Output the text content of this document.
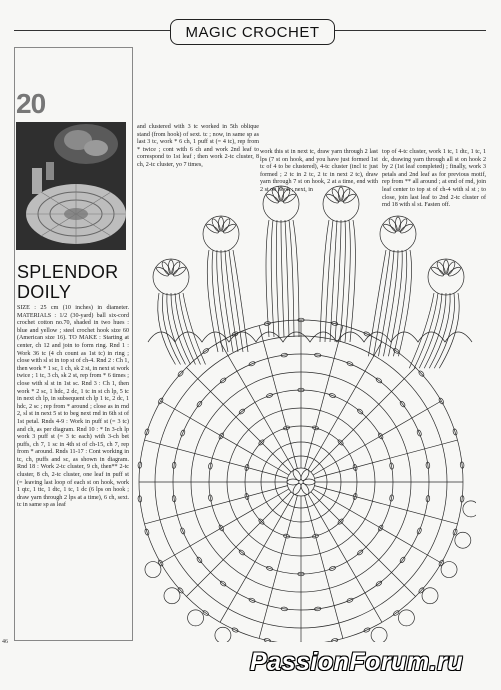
MAGIC CROCHET
20
SPLENDOR
DOILY
SIZE : 25 cm (10 inches) in diameter. MATERIALS : 1/2 (30-yard) ball six-cord crochet cotton no.70, shaded in two hues : blue and yellow ; steel crochet hook size 60 (American size 16). TO MAKE : Starting at center, ch 12 and join to form ring. Rnd 1 : Work 36 tc (4 ch count as 1st tc) in ring ; close with sl st in top st of ch-4. Rnd 2 : Ch 1, then work * 1 sc, 1 ch, sk 2 st, in next st work twice ; 1 tc, 3 ch, sk 2 st, rep from * 6 times ; close with sl st in 1st sc. Rnd 3 : Ch 1, then work * 2 sc, 1 hdc, 2 dc, 1 tc in st ch lp, 5 tc in next ch lp, in subsequent ch lp 1 tc, 2 dc, 1 hdc, 2 sc ; rep from * around ; close as in rnd 2, sl st in next 5 st to beg next rnd in 6th st of 1st petal. Rnds 4-9 : Work in puff st (= 3 tc) and ch, as per diagram. Rnd 10 : * In 3-ch lp work 3 puff st (= 3 tc each) with 3-ch bet puffs, ch 7, 1 sc in 4th st of ch-15, ch 7, rep from * around. Rnds 11-17 : Cont working in tc, ch, puffs and sc, as shown in diagram. Rnd 18 : Work 2-tc cluster, 9 ch, then** 2-tc cluster, 8 ch, 2-tc cluster, one leaf in puff st (= leaving last loop of each st on hook, work 1 qtc, 1 ttc, 1 dtc, 1 tc, 1 dc (6 lps on hook ; draw yarn through 2 lps at a time), 6 ch, sext. tc in same sp as leaf
and clustered with 3 tc worked in 5th oblique stand (from hook) of sext. tc ; now, in same sp as last 3 tc, work * 6 ch, 1 puff st (= 4 tc), rep from * twice ; cont with 6 ch and work 2nd leaf to correspond to 1st leaf ; then work 2-tc cluster, 8 ch, 2-tc cluster, yo 7 times,
work this st in next tc, draw yarn through 2 last lps (7 st on hook, and you have just formed 1st tc of 4 to be clustered), 4-tc cluster (incl tc just formed ; 2 tc in 2 tc, 2 tc in next 2 tc), draw yarn through 7 st on hook, 2 at a time, end with 2 st on hook ; next, in
top of 4-tc cluster, work 1 tc, 1 dtc, 1 tc, 1 dc, drawing yarn through all st on hook 2 by 2 (1st leaf completed) ; finally, work 3 petals and 2nd leaf as for previous motif, rep from ** all around ; at end of rnd, join leaf center to top st of ch-4 with sl st ; to close, join last leaf to 2nd 2-tc cluster of rnd 18 with sl st. Fasten off.
46
PassionForum.ru
